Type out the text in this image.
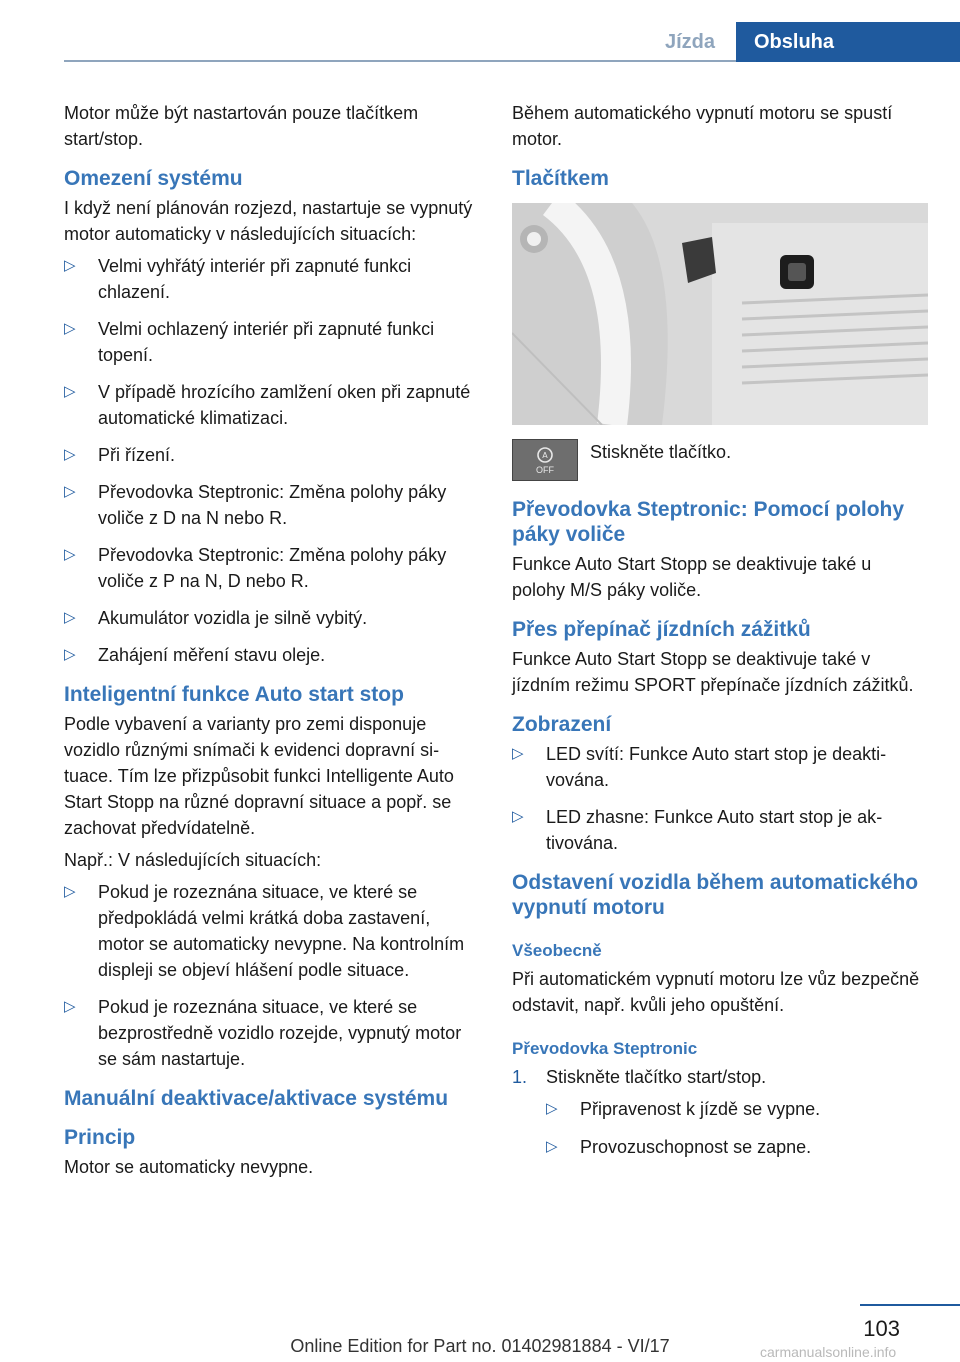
Jízda	Obsluha

Motor může být nastartován pouze tlačítkem start/stop.

Omezení systému

I když není plánován rozjezd, nastartuje se vypnutý motor automaticky v následujících situacích:

▷ Velmi vyhřátý interiér při zapnuté funkci chlazení.
▷ Velmi ochlazený interiér při zapnuté funkci topení.
▷ V případě hrozícího zamlžení oken při zapnuté automatické klimatizaci.
▷ Při řízení.
▷ Převodovka Steptronic: Změna polohy páky voliče z D na N nebo R.
▷ Převodovka Steptronic: Změna polohy páky voliče z P na N, D nebo R.
▷ Akumulátor vozidla je silně vybitý.
▷ Zahájení měření stavu oleje.
Inteligentní funkce Auto start stop

Podle vybavení a varianty pro zemi disponuje vozidlo různými snímači k evidenci dopravní situace. Tím lze přizpůsobit funkci Intelligente Auto Start Stopp na různé dopravní situace a popř. se zachovat předvídatelně.

Např.: V následujících situacích:

▷ Pokud je rozeznána situace, ve které se předpokládá velmi krátká doba zastavení, motor se automaticky nevypne. Na kontrolním displeji se objeví hlášení podle situace.
▷ Pokud je rozeznána situace, ve které se bezprostředně vozidlo rozejde, vypnutý motor se sám nastartuje.
Manuální deaktivace/aktivace systému
Princip

Motor se automaticky nevypne.

Během automatického vypnutí motoru se spustí motor.

Tlačítkem
A
OFF
Stiskněte tlačítko.
Převodovka Steptronic: Pomocí polohy páky voliče

Funkce Auto Start Stopp se deaktivuje také u polohy M/S páky voliče.

Přes přepínač jízdních zážitků

Funkce Auto Start Stopp se deaktivuje také v jízdním režimu SPORT přepínače jízdních zážitků.

Zobrazení
▷ LED svítí: Funkce Auto start stop je deaktivována.
▷ LED zhasne: Funkce Auto start stop je aktivována.
Odstavení vozidla během automatického vypnutí motoru
Všeobecně

Při automatickém vypnutí motoru lze vůz bezpečně odstavit, např. kvůli jeho opuštění.

Převodovka Steptronic
1. Stiskněte tlačítko start/stop.
▷ Připravenost k jízdě se vypne.
▷ Provozuschopnost se zapne.
103
Online Edition for Part no. 01402981884 - VI/17	carmanualsonline.info
